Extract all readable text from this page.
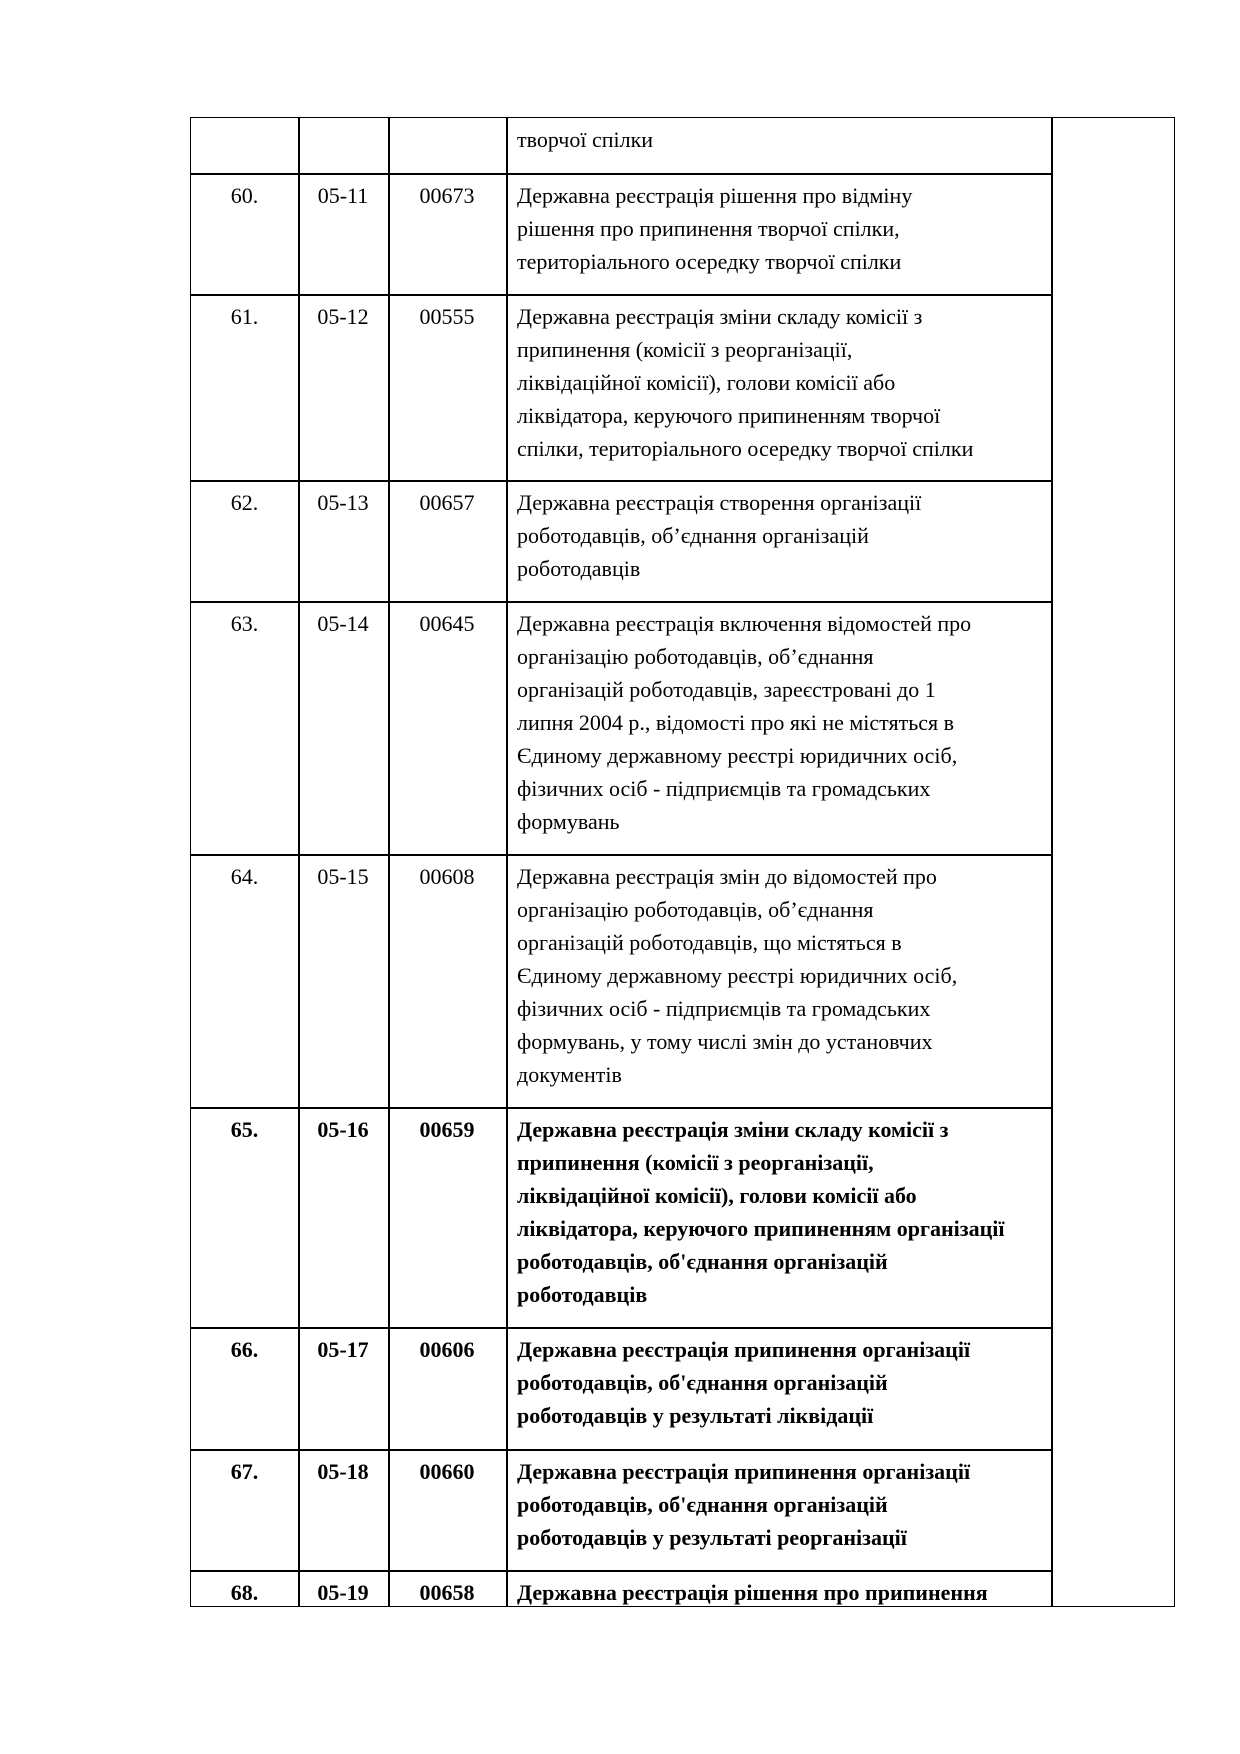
творчої спілки
60.	05-11	00673	Державна реєстрація рішення про відміну
рішення про припинення творчої спілки,
територіального осередку творчої спілки
61.	05-12	00555	Державна реєстрація зміни складу комісії з
припинення (комісії з реорганізації,
ліквідаційної комісії), голови комісії або
ліквідатора, керуючого припиненням творчої
спілки, територіального осередку творчої спілки
62.	05-13	00657	Державна реєстрація створення організації
роботодавців, об’єднання організацій
роботодавців
63.	05-14	00645	Державна реєстрація включення відомостей про
організацію роботодавців, об’єднання
організацій роботодавців, зареєстровані до 1
липня 2004 р., відомості про які не містяться в
Єдиному державному реєстрі юридичних осіб,
фізичних осіб - підприємців та громадських
формувань
64.	05-15	00608	Державна реєстрація змін до відомостей про
організацію роботодавців, об’єднання
організацій роботодавців, що містяться в
Єдиному державному реєстрі юридичних осіб,
фізичних осіб - підприємців та громадських
формувань, у тому числі змін до установчих
документів
65.	05-16	00659	Державна реєстрація зміни складу комісії з
припинення (комісії з реорганізації,
ліквідаційної комісії), голови комісії або
ліквідатора, керуючого припиненням організації
роботодавців, об'єднання організацій
роботодавців
66.	05-17	00606	Державна реєстрація припинення організації
роботодавців, об'єднання організацій
роботодавців у результаті ліквідації
67.	05-18	00660	Державна реєстрація припинення організації
роботодавців, об'єднання організацій
роботодавців у результаті реорганізації
68.	05-19	00658	Державна реєстрація рішення про припинення
